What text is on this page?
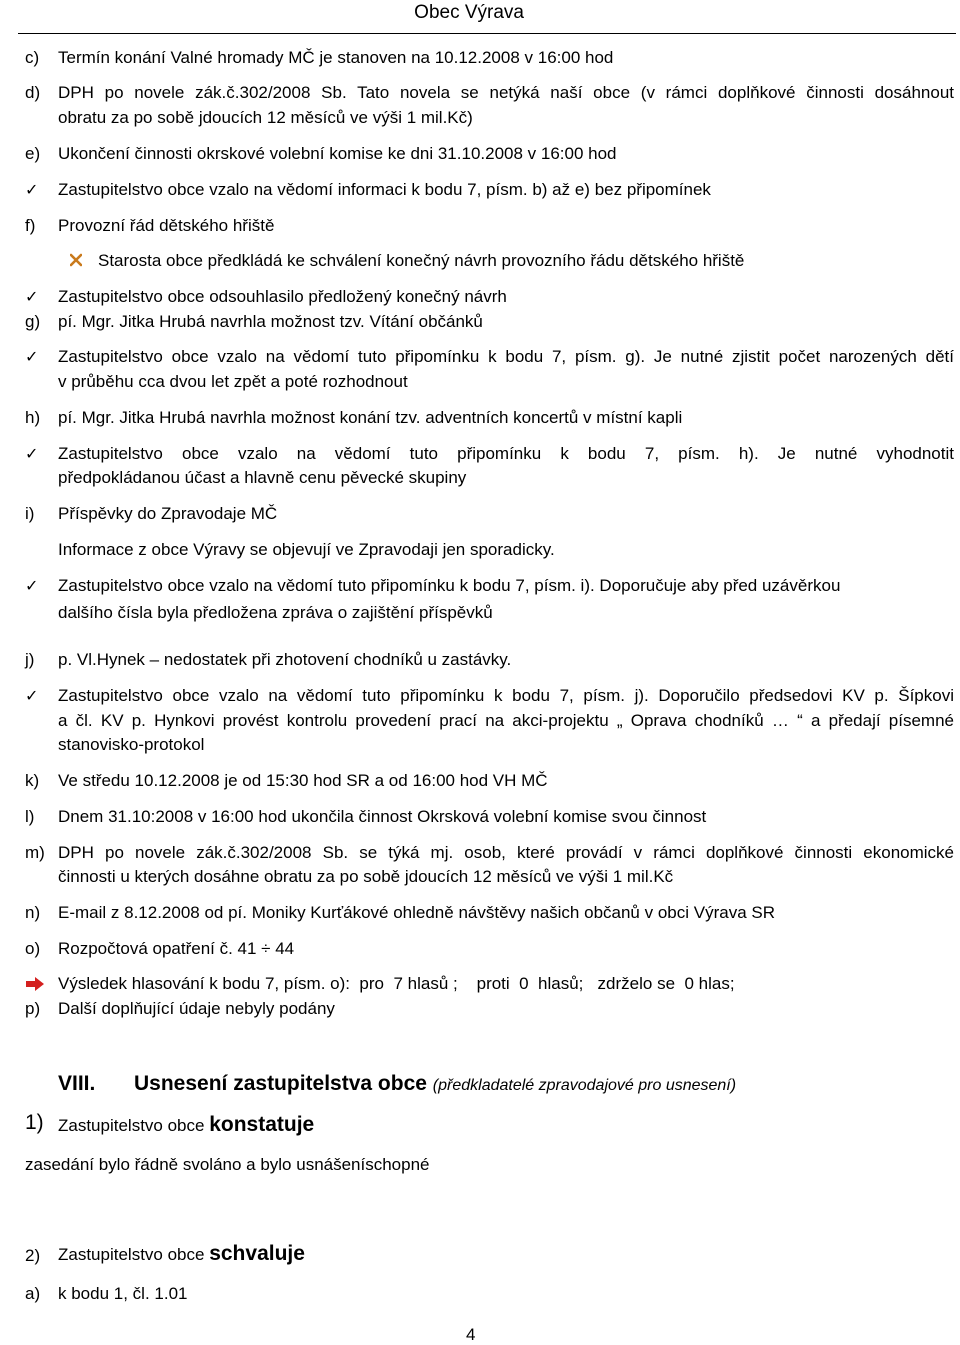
Obec Výrava
c) Termín konání Valné hromady MČ je stanoven na 10.12.2008 v 16:00 hod
d) DPH po novele zák.č.302/2008 Sb. Tato novela se netýká naší obce (v rámci doplňkové činnosti dosáhnout
obratu za po sobě jdoucích 12 měsíců ve výši 1 mil.Kč)
e) Ukončení činnosti okrskové volební komise ke dni 31.10.2008 v 16:00 hod
✓ Zastupitelstvo obce vzalo na vědomí informaci k bodu 7, písm. b) až e) bez připomínek
f) Provozní řád dětského hřiště
Starosta obce předkládá ke schválení konečný návrh provozního řádu dětského hřiště
✓ Zastupitelstvo obce odsouhlasilo předložený konečný návrh
g) pí. Mgr. Jitka Hrubá navrhla možnost tzv. Vítání občánků
✓ Zastupitelstvo obce vzalo na vědomí tuto připomínku k bodu 7, písm. g). Je nutné zjistit počet narozených dětí
v průběhu cca dvou let zpět a poté rozhodnout
h) pí. Mgr. Jitka Hrubá navrhla možnost konání tzv. adventních koncertů v místní kapli
✓ Zastupitelstvo obce vzalo na vědomí tuto připomínku k bodu 7, písm. h). Je nutné vyhodnotit
předpokládanou účast a hlavně cenu pěvecké skupiny
i) Příspěvky do Zpravodaje MČ
Informace z obce Výravy se objevují ve Zpravodaji jen sporadicky.
✓ Zastupitelstvo obce vzalo na vědomí tuto připomínku k bodu 7, písm. i). Doporučuje aby před uzávěrkou
dalšího čísla byla předložena zpráva o zajištění příspěvků
j) p. Vl.Hynek – nedostatek při zhotovení chodníků u zastávky.
✓ Zastupitelstvo obce vzalo na vědomí tuto připomínku k bodu 7, písm. j). Doporučilo předsedovi KV p. Šípkovi
a čl. KV p. Hynkovi provést kontrolu provedení prací na akci-projektu „ Oprava chodníků … “ a předají písemné
stanovisko-protokol
k) Ve středu 10.12.2008 je od 15:30 hod SR a od 16:00 hod VH MČ
l) Dnem 31.10:2008 v 16:00 hod ukončila činnost Okrsková volební komise svou činnost
m) DPH po novele zák.č.302/2008 Sb. se týká mj. osob, které provádí v rámci doplňkové činnosti ekonomické
činnosti u kterých dosáhne obratu za po sobě jdoucích 12 měsíců ve výši 1 mil.Kč
n) E-mail z 8.12.2008 od pí. Moniky Kurťákové ohledně návštěvy našich občanů v obci Výrava SR
o) Rozpočtová opatření č. 41 ÷ 44
Výsledek hlasování k bodu 7, písm. o):  pro  7 hlasů ;    proti  0  hlasů;   zdrželo se  0 hlas;
p) Další doplňující údaje nebyly podány
VIII. Usnesení zastupitelstva obce (předkladatelé zpravodajové pro usnesení)
1) Zastupitelstvo obce konstatuje
zasedání bylo řádně svoláno a bylo usnášeníschopné
2) Zastupitelstvo obce schvaluje
a) k bodu 1, čl. 1.01
4
